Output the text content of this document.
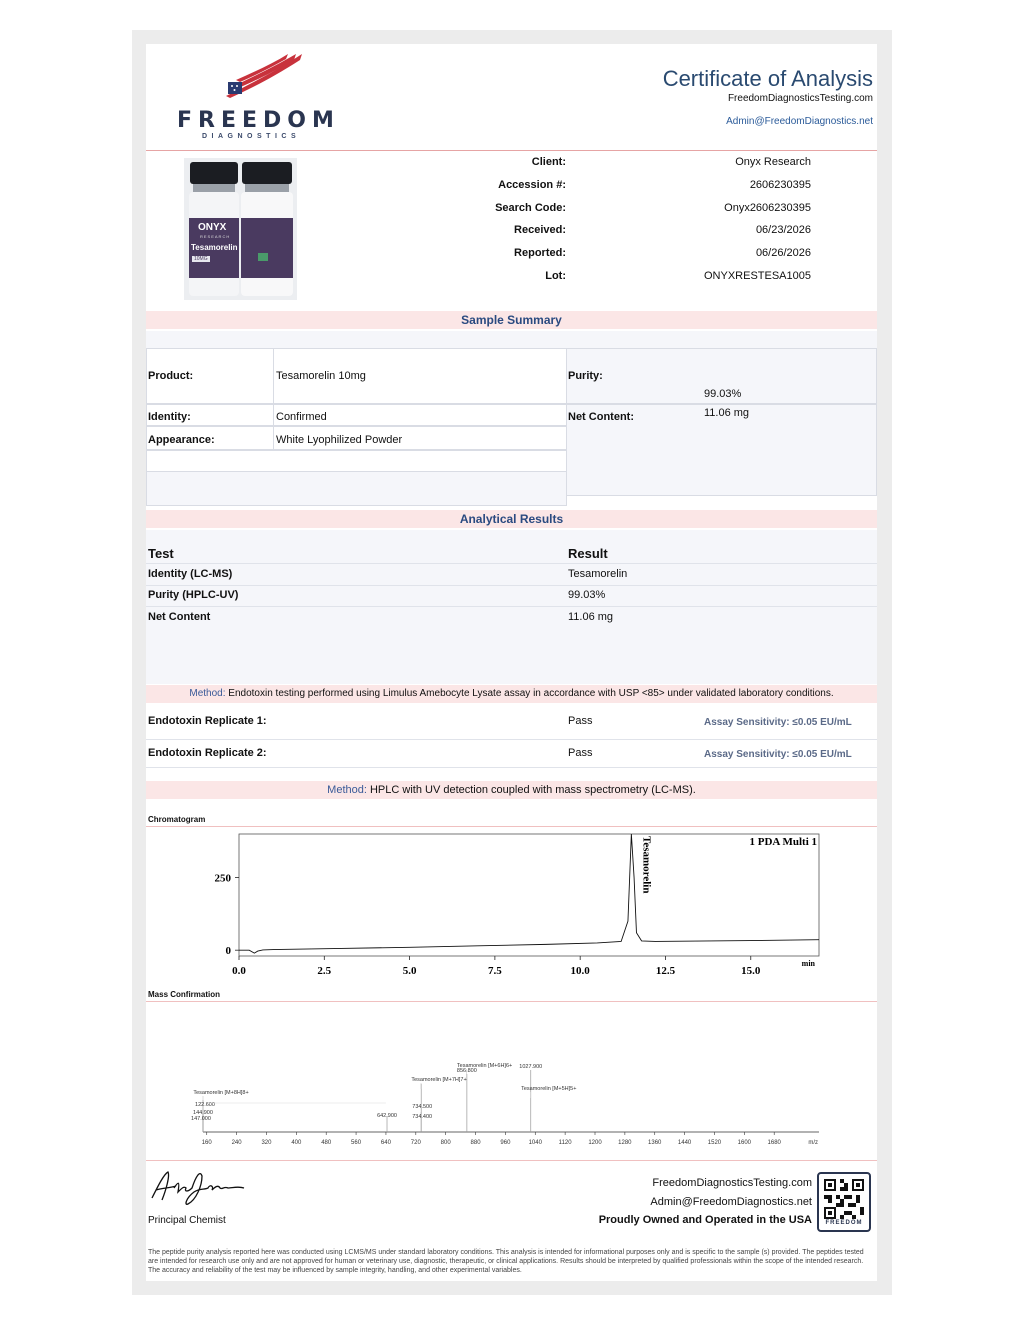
FREEDOM
DIAGNOSTICS
Certificate of Analysis
FreedomDiagnosticsTesting.com
Admin@FreedomDiagnostics.net
ONYX
RESEARCH
Tesamorelin
10MG
Client:	Onyx Research
Accession #:	2606230395
Search Code:	Onyx2606230395
Received:	06/23/2026
Reported:	06/26/2026
Lot:	ONYXRESTESA1005
Sample Summary
Product:	Tesamorelin 10mg
Identity:	Confirmed
Appearance:	White Lyophilized Powder
Purity:
99.03%
Net Content:	11.06 mg
Analytical Results
Test	Result
Identity (LC-MS)	Tesamorelin
Purity (HPLC-UV)	99.03%
Net Content	11.06 mg
Method: Endotoxin testing performed using Limulus Amebocyte Lysate assay in accordance with USP <85> under validated laboratory conditions.
Endotoxin Replicate 1:	Pass	Assay Sensitivity: ≤0.05 EU/mL
Endotoxin Replicate 2:	Pass	Assay Sensitivity: ≤0.05 EU/mL
Method: HPLC with UV detection coupled with mass spectrometry (LC-MS).
Chromatogram
0.0	2.5	5.0	7.5	10.0	12.5	15.0
0
250
min
1 PDA Multi 1
Tesamorelin
Mass Confirmation
160	240	320	400	480	560	640	720	800	880	960	1040	1120	1200	1280	1360	1440	1520	1600	1680	m/z
122.600
144.900
147.000	642.900
734.500
734.400
856.800
1027.900
Tesamorelin [M+8H]8+
Tesamorelin [M+7H]7+
Tesamorelin [M+6H]6+
Tesamorelin [M+5H]5+
Principal Chemist
FreedomDiagnosticsTesting.com
Admin@FreedomDiagnostics.net
Proudly Owned and Operated in the USA	FREEDOM
The peptide purity analysis reported here was conducted using LCMS/MS under standard laboratory conditions. This analysis is intended for informational purposes only and is specific to the sample (s) provided. The peptides tested are intended for research use only and are not approved for human or veterinary use, diagnostic, therapeutic, or clinical applications. Results should be interpreted by qualified professionals within the scope of the intended research. The accuracy and reliability of the test may be influenced by sample integrity, handling, and other experimental variables.
